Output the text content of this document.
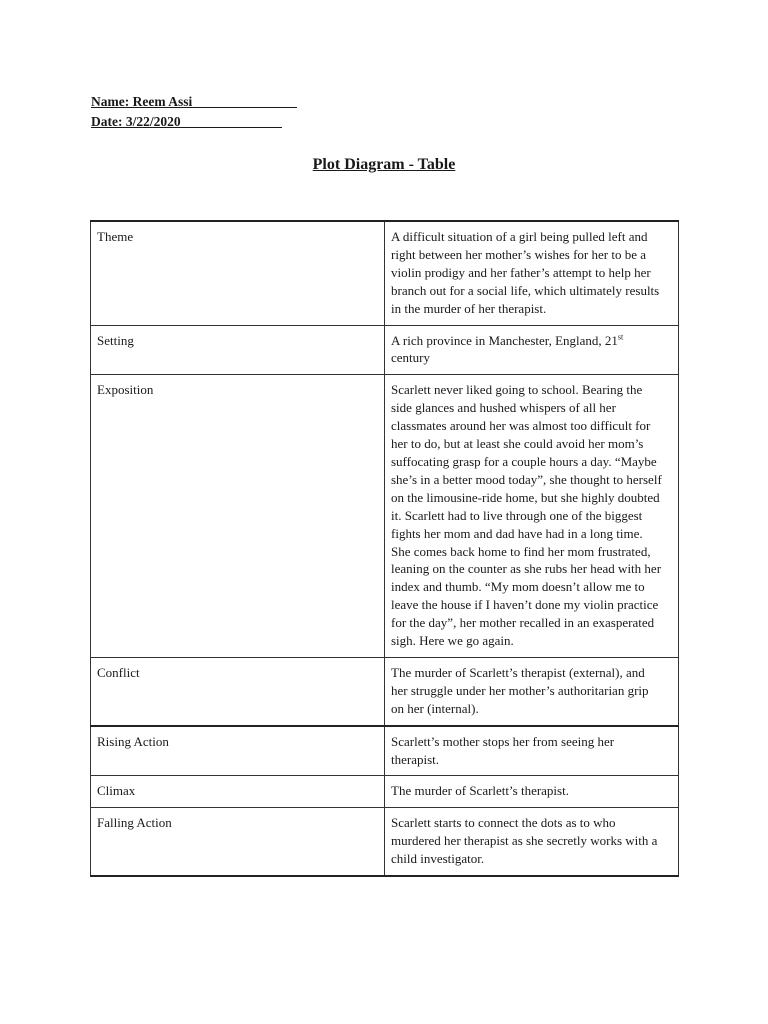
Name: Reem Assi _______________
Date: 3/22/2020_______________
Plot Diagram - Table
Theme	A difficult situation of a girl being pulled left and right between her mother’s wishes for her to be a violin prodigy and her father’s attempt to help her branch out for a social life, which ultimately results in the murder of her therapist.
Setting	A rich province in Manchester, England, 21st century
Exposition	Scarlett never liked going to school. Bearing the side glances and hushed whispers of all her classmates around her was almost too difficult for her to do, but at least she could avoid her mom’s suffocating grasp for a couple hours a day. “Maybe she’s in a better mood today”, she thought to herself on the limousine-ride home, but she highly doubted it. Scarlett had to live through one of the biggest fights her mom and dad have had in a long time. She comes back home to find her mom frustrated, leaning on the counter as she rubs her head with her index and thumb. “My mom doesn’t allow me to leave the house if I haven’t done my violin practice for the day”, her mother recalled in an exasperated sigh. Here we go again.
Conflict	The murder of Scarlett’s therapist (external), and her struggle under her mother’s authoritarian grip on her (internal).
Rising Action	Scarlett’s mother stops her from seeing her therapist.
Climax	The murder of Scarlett’s therapist.
Falling Action	Scarlett starts to connect the dots as to who murdered her therapist as she secretly works with a child investigator.
